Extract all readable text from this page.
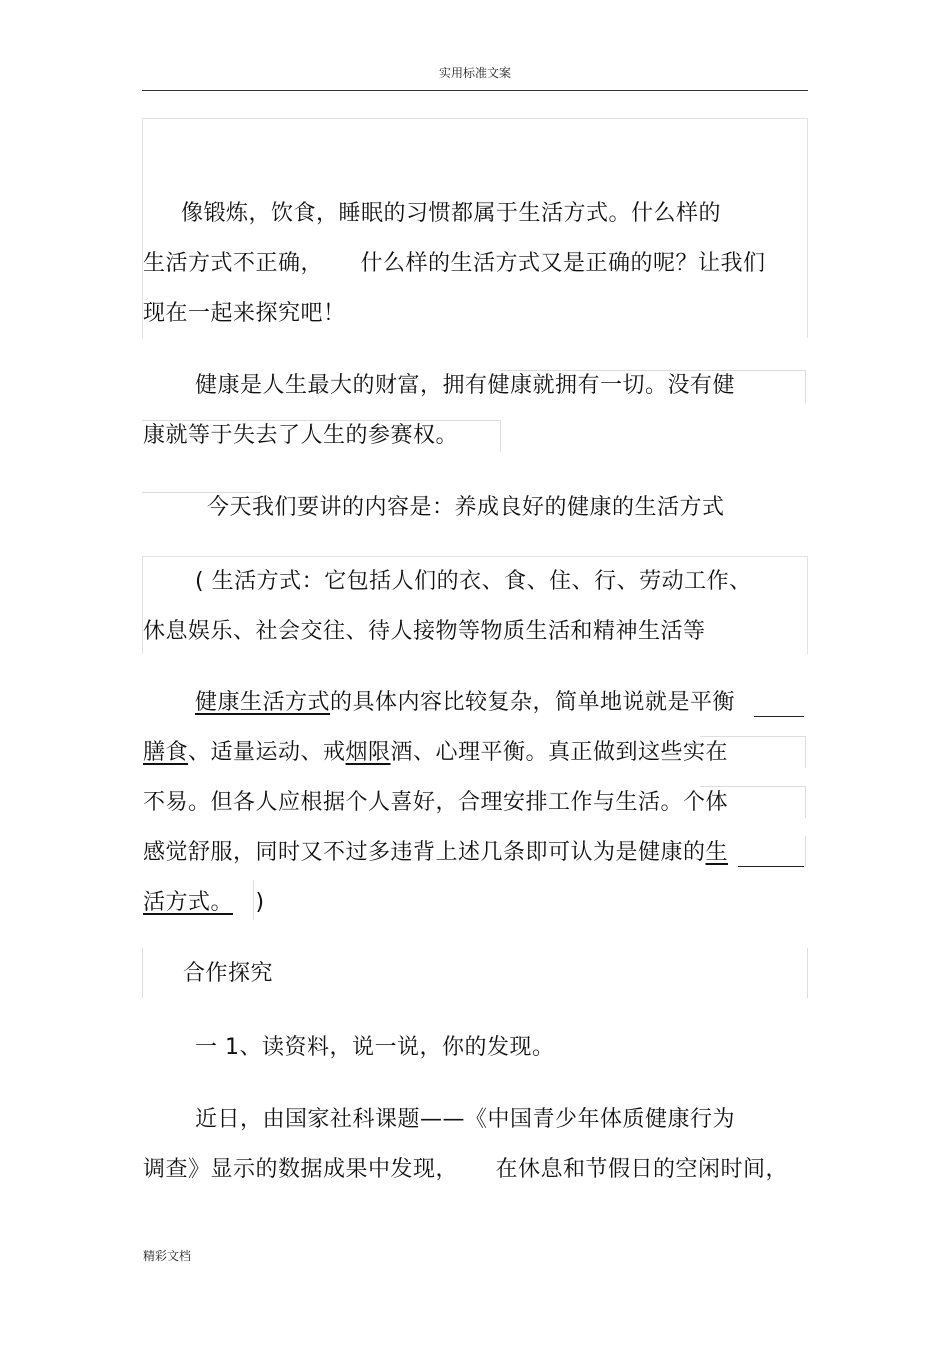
实用标准文案
像锻炼，饮食，睡眠的习惯都属于生活方式。什么样的
生活方式不正确， 什么样的生活方式又是正确的呢？让我们
现在一起来探究吧！
健康是人生最大的财富，拥有健康就拥有一切。没有健
康就等于失去了人生的参赛权。
今天我们要讲的内容是：养成良好的健康的生活方式
( 生活方式：它包括人们的衣、食、住、行、劳动工作、
休息娱乐、社会交往、待人接物等物质生活和精神生活等
健康生活方式的具体内容比较复杂，简单地说就是平衡
膳食、适量运动、戒烟限酒、心理平衡。真正做到这些实在
不易。但各人应根据个人喜好，合理安排工作与生活。个体
感觉舒服，同时又不过多违背上述几条即可认为是健康的生
活方式。 )
合作探究
一 1、读资料，说一说，你的发现。
近日，由国家社科课题——《中国青少年体质健康行为
调查》显示的数据成果中发现， 在休息和节假日的空闲时间，
精彩文档
